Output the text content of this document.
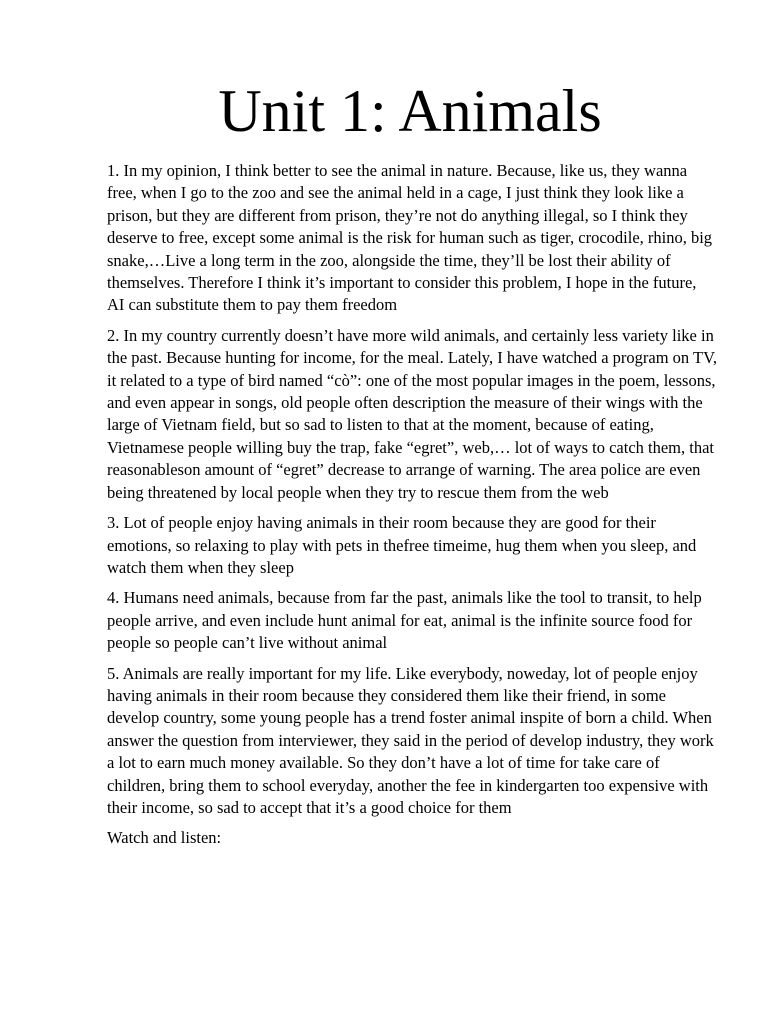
Unit 1: Animals

1. In my opinion, I think better to see the animal in nature. Because, like us, they wanna free, when I go to the zoo and see the animal held in a cage, I just think they look like a prison, but they are different from prison, they’re not do anything illegal, so I think they deserve to free, except some animal is the risk for human such as tiger, crocodile, rhino, big snake,…Live a long term in the zoo, alongside the time, they’ll be lost their ability of themselves. Therefore I think it’s important to consider this problem, I hope in the future, AI can substitute them to pay them freedom

2. In my country currently doesn’t have more wild animals, and certainly less variety like in the past. Because hunting for income, for the meal. Lately, I have watched a program on TV, it related to a type of bird named “cò”: one of the most popular images in the poem, lessons, and even appear in songs, old people often description the measure of their wings with the large of Vietnam field, but so sad to listen to that at the moment, because of eating, Vietnamese people willing buy the trap, fake “egret”, web,… lot of ways to catch them, that reasonableson amount of “egret” decrease to arrange of warning. The area police are even being threatened by local people when they try to rescue them from the web

3. Lot of people enjoy having animals in their room because they are good for their emotions, so relaxing to play with pets in thefree timeime, hug them when you sleep, and watch them when they sleep

4. Humans need animals, because from far the past, animals like the tool to transit, to help people arrive, and even include hunt animal for eat, animal is the infinite source food for people so people can’t live without animal

5. Animals are really important for my life. Like everybody, noweday, lot of people enjoy having animals in their room because they considered them like their friend, in some develop country, some young people has a trend foster animal inspite of born a child. When answer the question from interviewer, they said in the period of develop industry, they work a lot to earn much money available. So they don’t have a lot of time for take care of children, bring them to school everyday, another the fee in kindergarten too expensive with their income, so sad to accept that it’s a good choice for them

Watch and listen:
